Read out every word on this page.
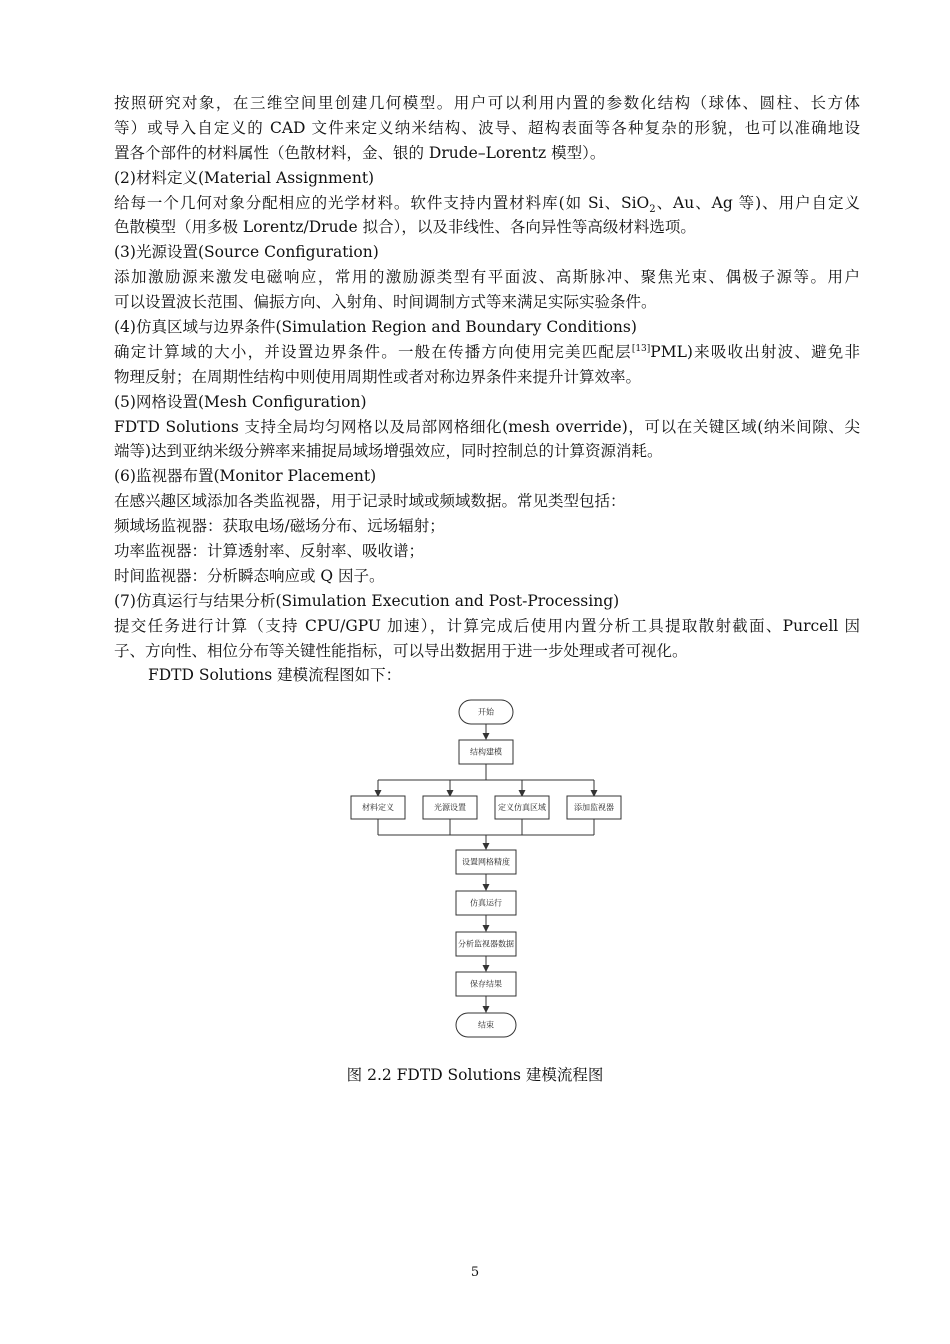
按照研究对象，在三维空间里创建几何模型。用户可以利用内置的参数化结构（球体、圆柱、长方体
等）或导入自定义的 CAD 文件来定义纳米结构、波导、超构表面等各种复杂的形貌，也可以准确地设
置各个部件的材料属性（色散材料，金、银的 Drude–Lorentz 模型）。
(2)材料定义(Material Assignment)
给每一个几何对象分配相应的光学材料。软件支持内置材料库(如 Si、SiO$_2$、Au、Ag 等)、用户自定义
色散模型（用多极 Lorentz/Drude 拟合），以及非线性、各向异性等高级材料选项。
(3)光源设置(Source Configuration)
添加激励源来激发电磁响应，常用的激励源类型有平面波、高斯脉冲、聚焦光束、偶极子源等。用户
可以设置波长范围、偏振方向、入射角、时间调制方式等来满足实际实验条件。
(4)仿真区域与边界条件(Simulation Region and Boundary Conditions)
确定计算域的大小，并设置边界条件。一般在传播方向使用完美匹配层[13]PML)来吸收出射波、避免非
物理反射；在周期性结构中则使用周期性或者对称边界条件来提升计算效率。
(5)网格设置(Mesh Configuration)
FDTD Solutions 支持全局均匀网格以及局部网格细化(mesh override)，可以在关键区域(纳米间隙、尖
端等)达到亚纳米级分辨率来捕捉局域场增强效应，同时控制总的计算资源消耗。
(6)监视器布置(Monitor Placement)
在感兴趣区域添加各类监视器，用于记录时域或频域数据。常见类型包括：
频域场监视器：获取电场/磁场分布、远场辐射；
功率监视器：计算透射率、反射率、吸收谱；
时间监视器：分析瞬态响应或 Q 因子。
(7)仿真运行与结果分析(Simulation Execution and Post-Processing)
提交任务进行计算（支持 CPU/GPU 加速），计算完成后使用内置分析工具提取散射截面、Purcell 因
子、方向性、相位分布等关键性能指标，可以导出数据用于进一步处理或者可视化。
FDTD Solutions 建模流程图如下：
开始
结构建模
材料定义	光源设置	定义仿真区域	添加监视器
设置网格精度
仿真运行
分析监视器数据
保存结果
结束
图 2.2 FDTD Solutions 建模流程图
5
